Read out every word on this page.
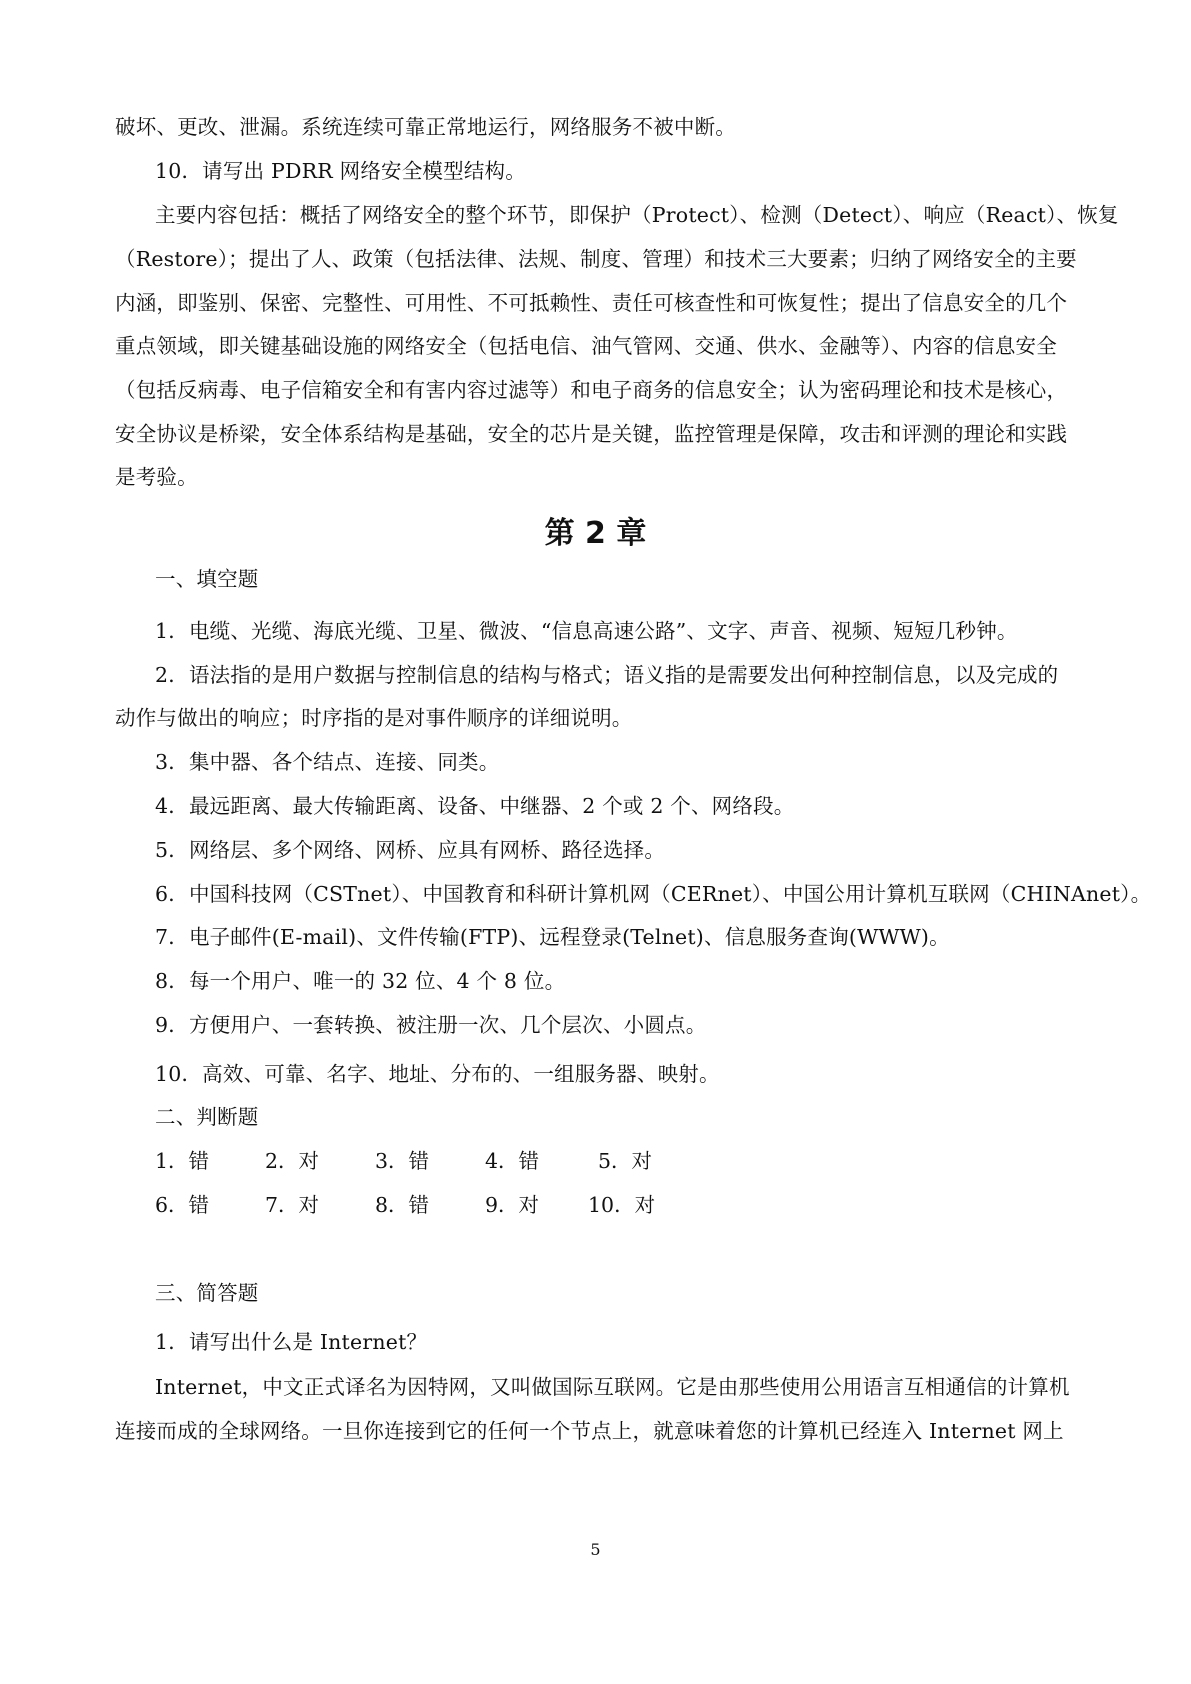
破坏、更改、泄漏。系统连续可靠正常地运行，网络服务不被中断。
10．请写出 PDRR 网络安全模型结构。
主要内容包括：概括了网络安全的整个环节，即保护（Protect）、检测（Detect）、响应（React）、恢复
（Restore）；提出了人、政策（包括法律、法规、制度、管理）和技术三大要素；归纳了网络安全的主要
内涵，即鉴别、保密、完整性、可用性、不可抵赖性、责任可核查性和可恢复性；提出了信息安全的几个
重点领域，即关键基础设施的网络安全（包括电信、油气管网、交通、供水、金融等）、内容的信息安全
（包括反病毒、电子信箱安全和有害内容过滤等）和电子商务的信息安全；认为密码理论和技术是核心，
安全协议是桥梁，安全体系结构是基础，安全的芯片是关键，监控管理是保障，攻击和评测的理论和实践
是考验。
第 2 章
一、填空题
1．电缆、光缆、海底光缆、卫星、微波、“信息高速公路”、文字、声音、视频、短短几秒钟。
2．语法指的是用户数据与控制信息的结构与格式；语义指的是需要发出何种控制信息，以及完成的
动作与做出的响应；时序指的是对事件顺序的详细说明。
3．集中器、各个结点、连接、同类。
4．最远距离、最大传输距离、设备、中继器、2 个或 2 个、网络段。
5．网络层、多个网络、网桥、应具有网桥、路径选择。
6．中国科技网（CSTnet）、中国教育和科研计算机网（CERnet）、中国公用计算机互联网（CHINAnet）。
7．电子邮件(E-mail)、文件传输(FTP)、远程登录(Telnet)、信息服务查询(WWW)。
8．每一个用户、唯一的 32 位、4 个 8 位。
9．方便用户、一套转换、被注册一次、几个层次、小圆点。
10．高效、可靠、名字、地址、分布的、一组服务器、映射。
二、判断题
1．错	2．对	3．错	4．错	5．对
6．错	7．对	8．错	9．对 10．对
三、简答题
1．请写出什么是 Internet？
Internet，中文正式译名为因特网，又叫做国际互联网。它是由那些使用公用语言互相通信的计算机
连接而成的全球网络。一旦你连接到它的任何一个节点上，就意味着您的计算机已经连入 Internet 网上
5
